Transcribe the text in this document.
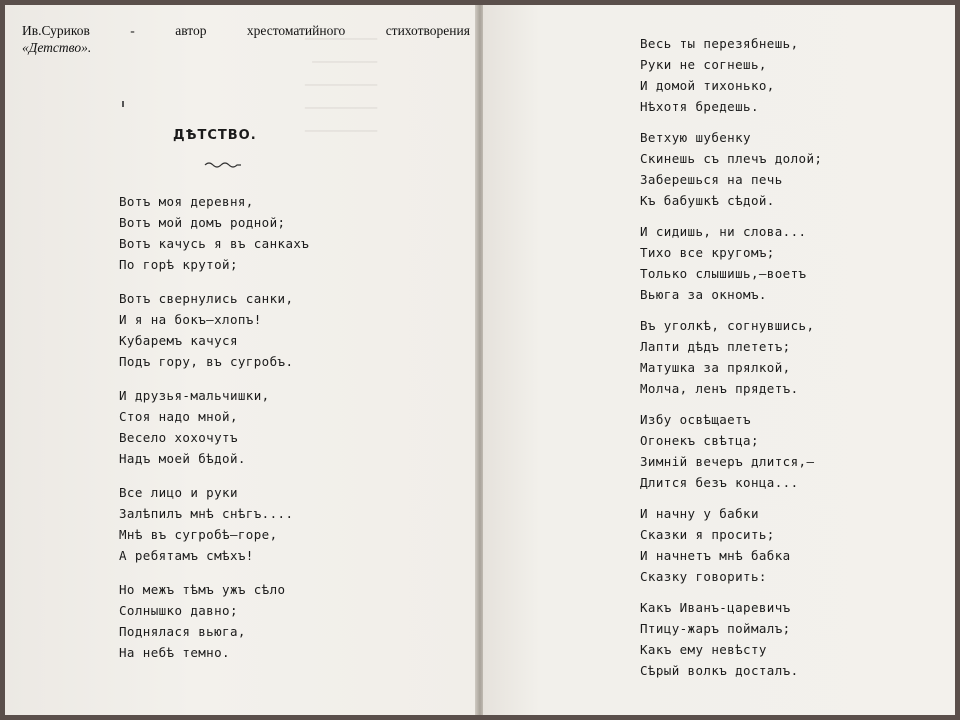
──────────
─────────
──────────
──────────
──────────
Ив.Суриков	-	автор	хрестоматийного	стихотворения
«Детство».
ДѢТСТВО.
Вотъ моя деревня,
Вотъ мой домъ родной;
Вотъ качусь я въ санкахъ
По горѣ крутой;
Вотъ свернулись санки,
И я на бокъ—хлопъ!
Кубаремъ качуся
Подъ гору, въ сугробъ.
И друзья-мальчишки,
Стоя надо мной,
Весело хохочутъ
Надъ моей бѣдой.
Все лицо и руки
Залѣпилъ мнѣ снѣгъ....
Мнѣ въ сугробѣ—горе,
А ребятамъ смѣхъ!
Но межъ тѣмъ ужъ сѣло
Солнышко давно;
Поднялася вьюга,
На небѣ темно.
Весь ты перезябнешь,
Руки не согнешь,
И домой тихонько,
Нѣхотя бредешь.
Ветхую шубенку
Скинешь съ плечъ долой;
Заберешься на печь
Къ бабушкѣ сѣдой.
И сидишь, ни слова...
Тихо все кругомъ;
Только слышишь,—воетъ
Вьюга за окномъ.
Въ уголкѣ, согнувшись,
Лапти дѣдъ плететъ;
Матушка за прялкой,
Молча, ленъ прядетъ.
Избу освѣщаетъ
Огонекъ свѣтца;
Зимній вечеръ длится,—
Длится безъ конца...
И начну у бабки
Сказки я просить;
И начнетъ мнѣ бабка
Сказку говорить:
Какъ Иванъ-царевичъ
Птицу-жаръ поймалъ;
Какъ ему невѣсту
Сѣрый волкъ досталъ.
